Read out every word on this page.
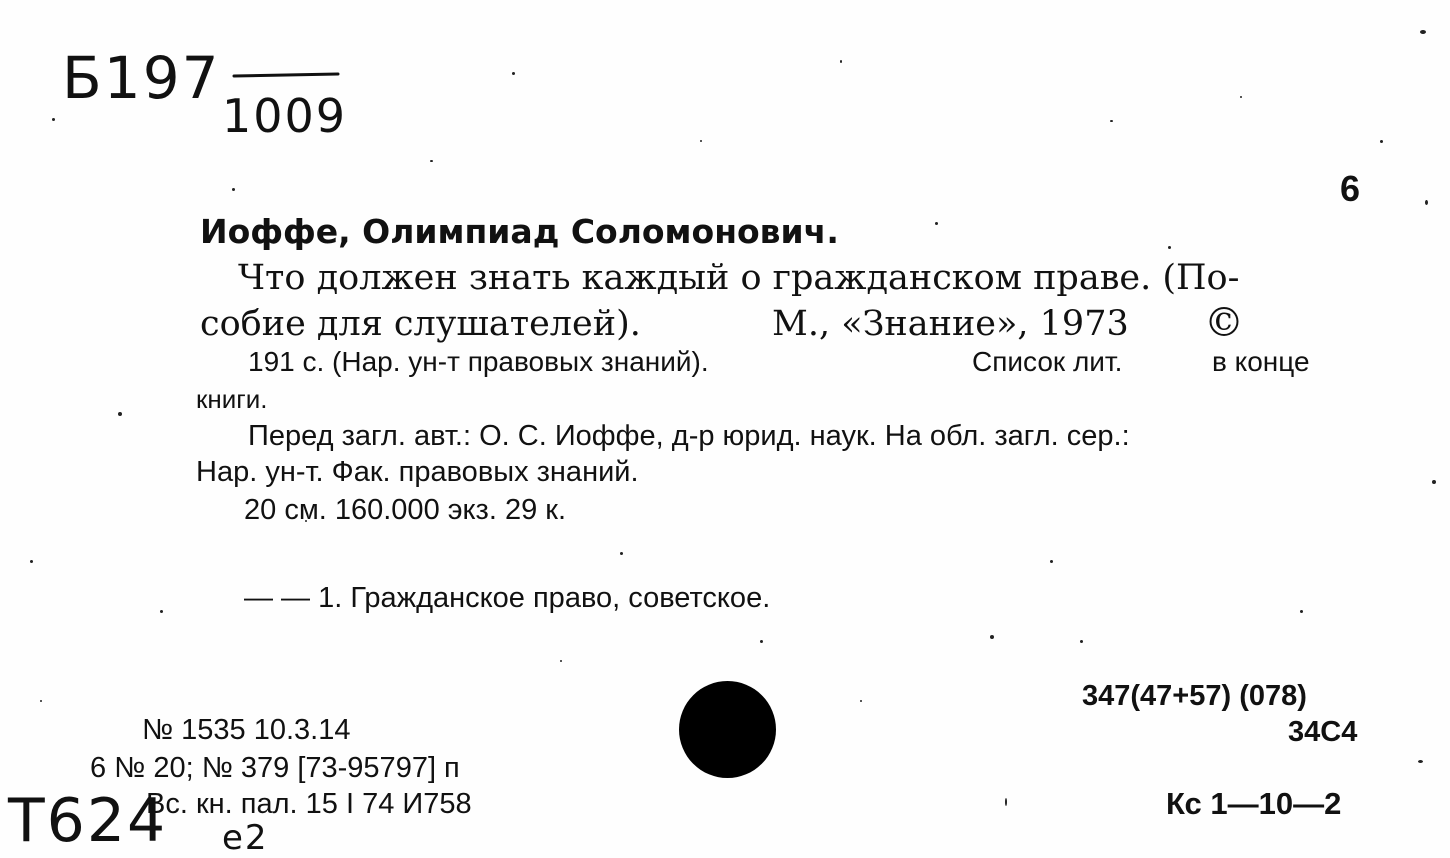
Б197
1009
6
Иоффе, Олимпиад Соломонович.
Что должен знать каждый о гражданском праве. (По-
собие для слушателей).	М., «Знание», 1973 ©
191 с. (Нар. ун-т правовых знаний).	Список лит.	в конце
книги.
Перед загл. авт.: О. С. Иоффе, д-р юрид. наук. На обл. загл. сер.:
Нар. ун-т. Фак. правовых знаний.
20 см. 160.000 экз. 29 к.
— — 1. Гражданское право, советское.
347(47+57) (078)
34С4
№ 1535 10.3.14
6 № 20; № 379 [73-95797] п
Вс. кн. пал. 15 I 74 И758	Кс 1—10—2
Т624 е2
